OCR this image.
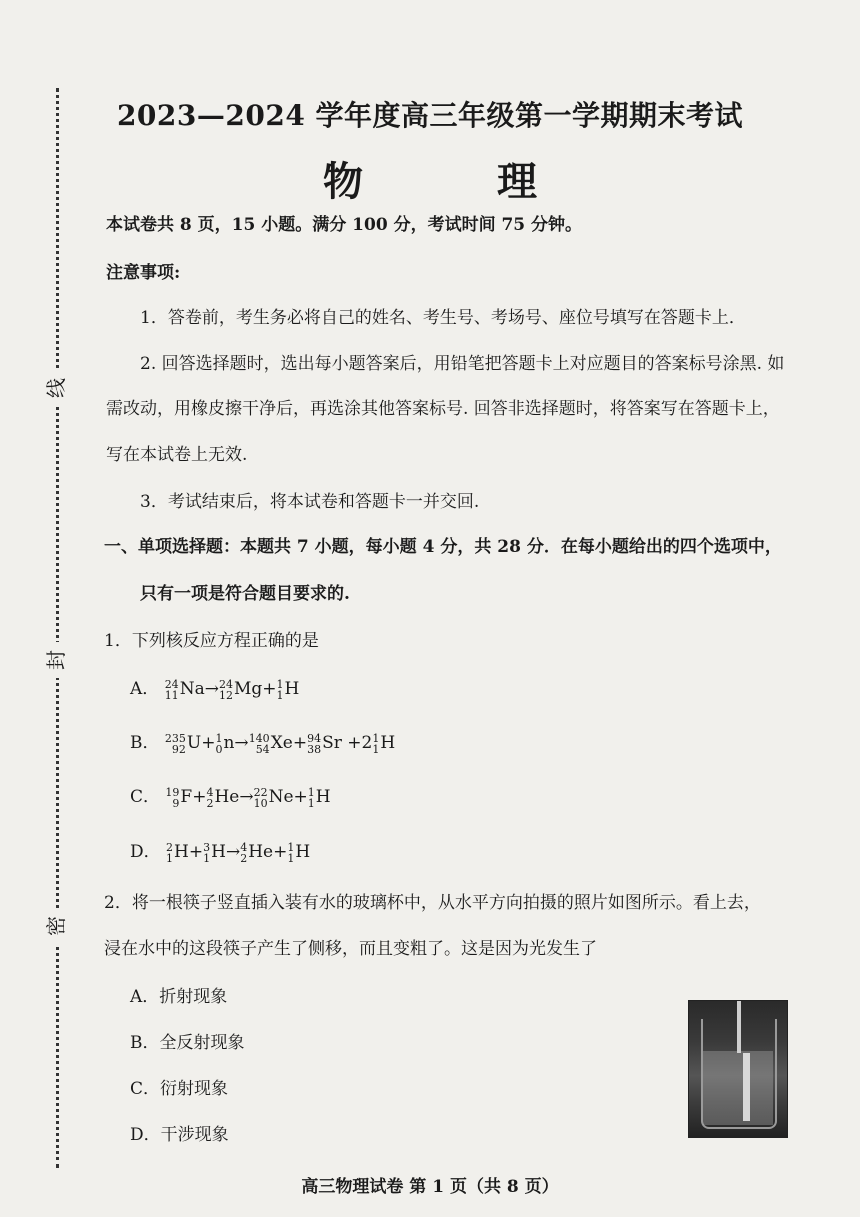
线
封
密
2023—2024 学年度高三年级第一学期期末考试
物 理
本试卷共 8 页，15 小题。满分 100 分，考试时间 75 分钟。
注意事项:
1．答卷前，考生务必将自己的姓名、考生号、考场号、座位号填写在答题卡上．
2. 回答选择题时，选出每小题答案后，用铅笔把答题卡上对应题目的答案标号涂黑. 如
需改动，用橡皮擦干净后，再选涂其他答案标号. 回答非选择题时，将答案写在答题卡上，
写在本试卷上无效.
3．考试结束后，将本试卷和答题卡一并交回.
一、单项选择题：本题共 7 小题，每小题 4 分，共 28 分．在每小题给出的四个选项中，
只有一项是符合题目要求的.
1．下列核反应方程正确的是
A． 24
11 Na→ 24
12 Mg+ 1
1 H
B． 235
92 U+ 1
0 n→ 140
54 Xe+ 94
38 Sr +2 1
1 H
C． 19
9 F+ 4
2 He→ 22
10 Ne+ 1
1 H
D． 2
1 H+ 3
1 H→ 4
2 He+ 1
1 H
2．将一根筷子竖直插入装有水的玻璃杯中，从水平方向拍摄的照片如图所示。看上去，
浸在水中的这段筷子产生了侧移，而且变粗了。这是因为光发生了
A．折射现象
B．全反射现象
C．衍射现象
D．干涉现象
高三物理试卷 第 1 页（共 8 页）
